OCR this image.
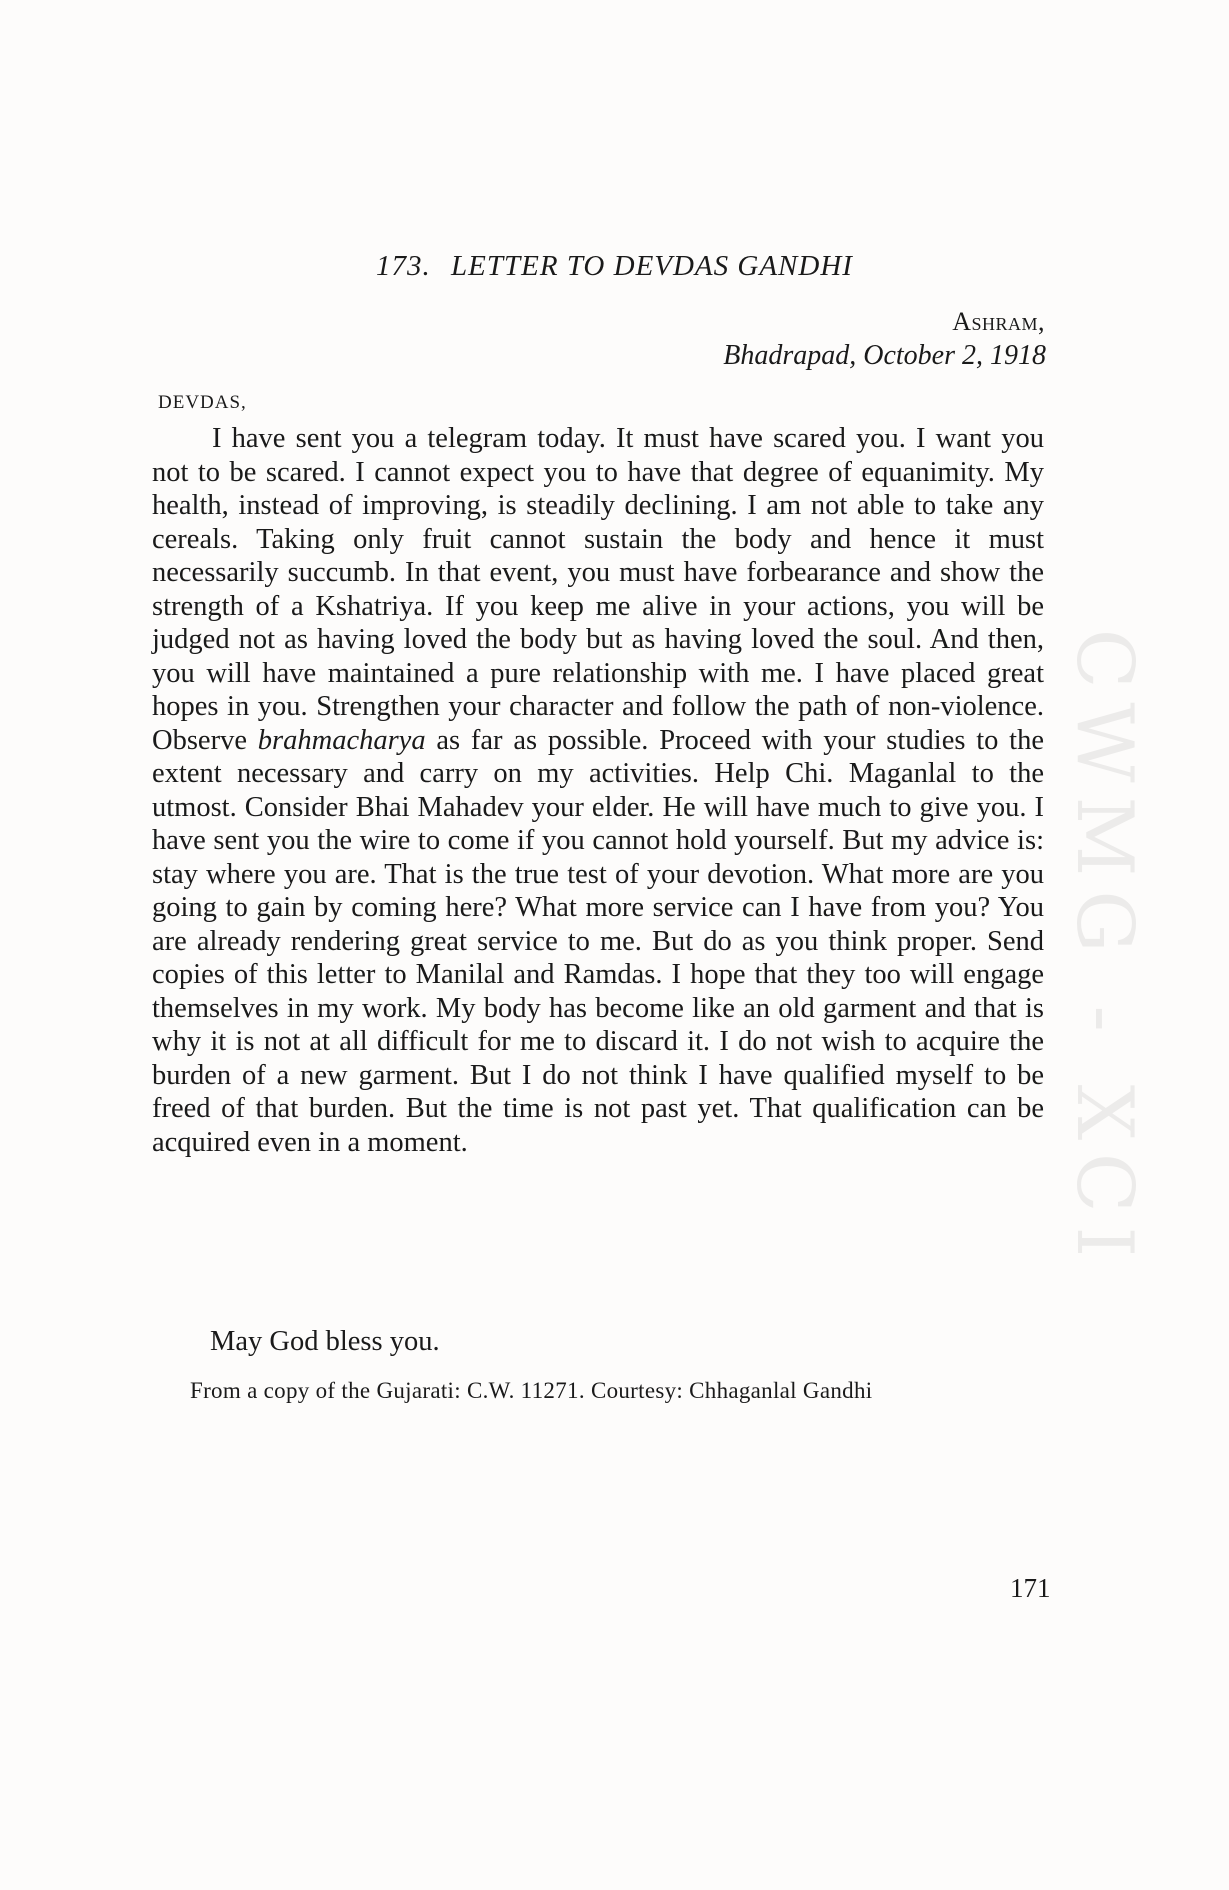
173. LETTER TO DEVDAS GANDHI
Ashram,
Bhadrapad, October 2, 1918
DEVDAS,

I have sent you a telegram today. It must have scared you. I want you not to be scared. I cannot expect you to have that degree of equanimity. My health, instead of improving, is steadily declining. I am not able to take any cereals. Taking only fruit cannot sustain the body and hence it must necessarily succumb. In that event, you must have forbearance and show the strength of a Kshatriya. If you keep me alive in your actions, you will be judged not as having loved the body but as having loved the soul. And then, you will have maintained a pure relationship with me. I have placed great hopes in you. Strengthen your character and follow the path of non-violence. Observe brahmacharya as far as possible. Proceed with your studies to the extent necessary and carry on my activities. Help Chi. Maganlal to the utmost. Consider Bhai Mahadev your elder. He will have much to give you. I have sent you the wire to come if you cannot hold yourself. But my advice is: stay where you are. That is the true test of your devotion. What more are you going to gain by coming here? What more service can I have from you? You are already rendering great service to me. But do as you think proper. Send copies of this letter to Manilal and Ramdas. I hope that they too will engage themselves in my work. My body has become like an old garment and that is why it is not at all difficult for me to discard it. I do not wish to acquire the burden of a new garment. But I do not think I have qualified myself to be freed of that burden. But the time is not past yet. That qualification can be acquired even in a moment.

May God bless you.
From a copy of the Gujarati: C.W. 11271. Courtesy: Chhaganlal Gandhi
171
CWMG - XCI
